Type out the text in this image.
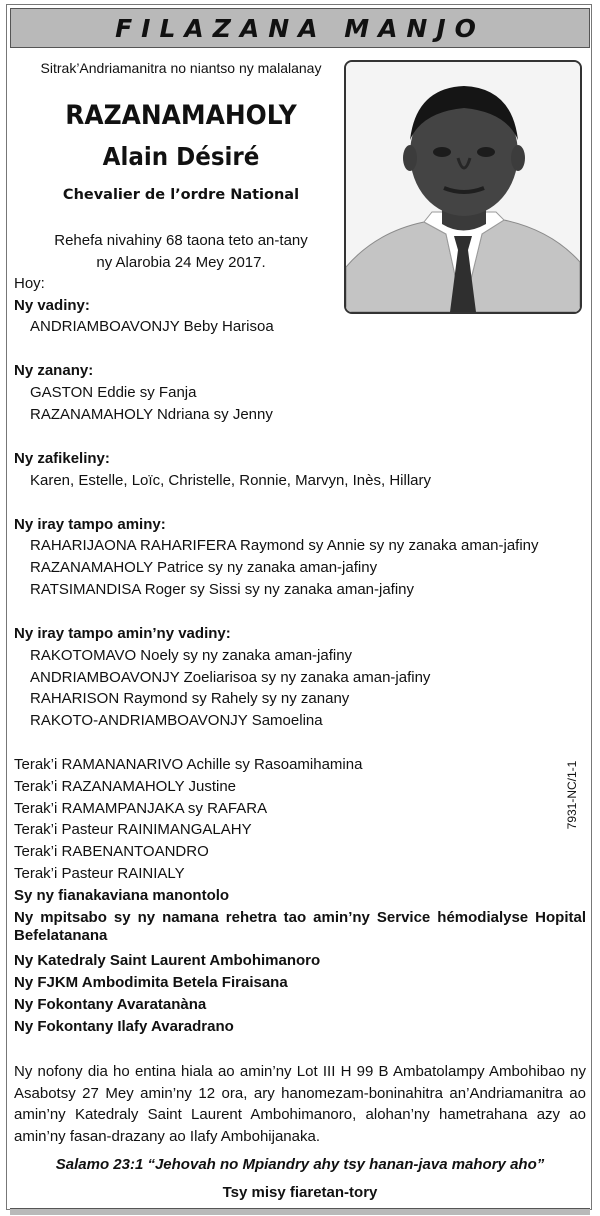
FILAZANA MANJO
Sitrak’Andriamanitra no niantso ny malalanay
RAZANAMAHOLY
Alain Désiré
Chevalier de l’ordre National
Rehefa nivahiny 68 taona teto an-tany
ny Alarobia 24 Mey 2017.
Hoy:
Ny vadiny:
ANDRIAMBOAVONJY Beby Harisoa
Ny zanany:
GASTON Eddie sy Fanja
RAZANAMAHOLY Ndriana sy Jenny
Ny zafikeliny:
Karen, Estelle, Loïc, Christelle, Ronnie, Marvyn, Inès, Hillary
Ny iray tampo aminy:
RAHARIJAONA RAHARIFERA Raymond sy Annie sy ny zanaka aman-jafiny
RAZANAMAHOLY Patrice sy ny zanaka aman-jafiny
RATSIMANDISA Roger sy Sissi sy ny zanaka aman-jafiny
Ny iray tampo amin’ny vadiny:
RAKOTOMAVO Noely sy ny zanaka aman-jafiny
ANDRIAMBOAVONJY Zoeliarisoa sy ny zanaka aman-jafiny
RAHARISON Raymond sy Rahely sy ny zanany
RAKOTO-ANDRIAMBOAVONJY Samoelina
Terak’i RAMANANARIVO Achille sy Rasoamihamina
Terak’i RAZANAMAHOLY Justine
Terak’i RAMAMPANJAKA sy RAFARA
Terak’i Pasteur RAINIMANGALAHY
Terak’i RABENANTOANDRO
Terak’i Pasteur RAINIALY
Sy ny fianakaviana manontolo
Ny mpitsabo sy ny namana rehetra tao amin’ny Service hémodialyse Hopital Befelatanana
Ny Katedraly Saint Laurent Ambohimanoro
Ny FJKM Ambodimita Betela Firaisana
Ny Fokontany Avaratanàna
Ny Fokontany Ilafy Avaradrano
Ny nofony dia ho entina hiala ao amin’ny Lot III H 99 B Ambatolampy Ambohibao ny Asabotsy 27 Mey amin’ny 12 ora, ary hanomezam-boninahitra an’Andriamanitra ao amin’ny Katedraly Saint Laurent Ambohimanoro, alohan’ny hametrahana azy ao amin’ny fasan-drazany ao Ilafy Ambohijanaka.
7931-NC/1-1
Salamo 23:1 “Jehovah no Mpiandry ahy tsy hanan-java mahory aho”
Tsy misy fiaretan-tory
